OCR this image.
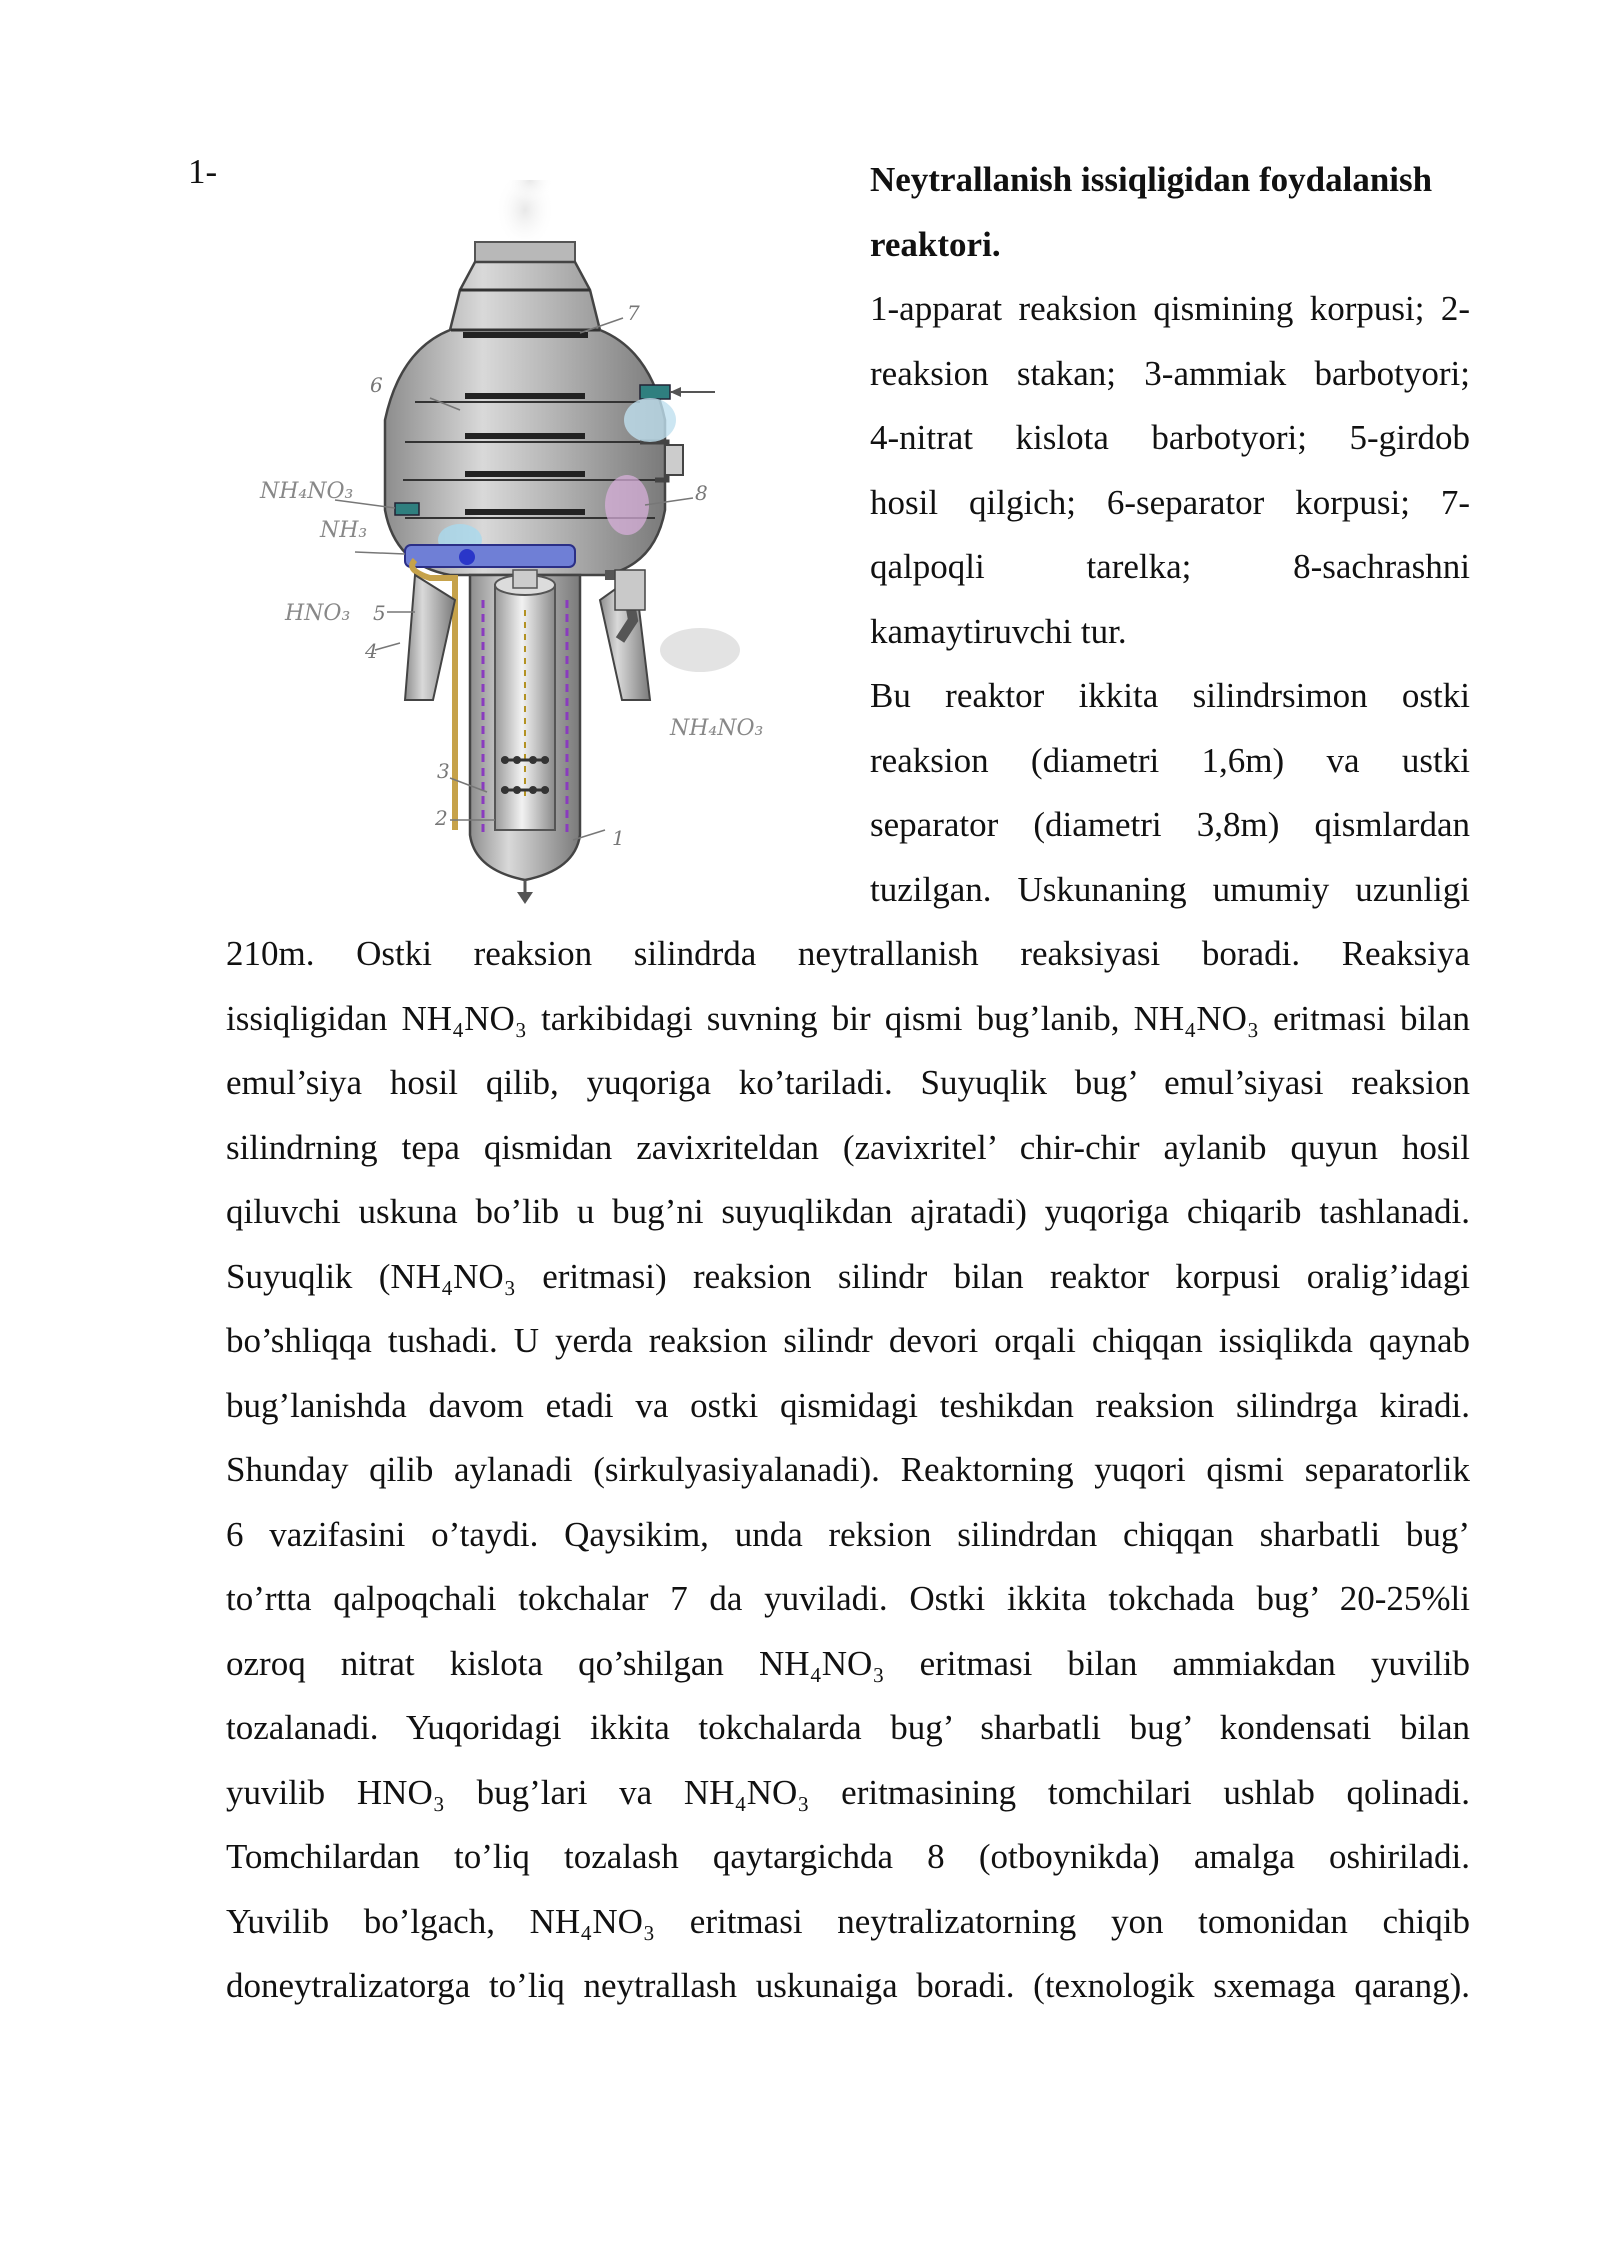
1-
NH₄NO₃
NH₃
HNO₃
NH₄NO₃
1
2
3
4
5
6
7
8
Neytrallanish issiqligidan foydalanish
reaktori.

1-apparat reaksion qismining korpusi; 2-

reaksion stakan; 3-ammiak barbotyori;

4-nitrat kislota barbotyori; 5-girdob

hosil qilgich; 6-separator korpusi; 7-

qalpoqli tarelka; 8-sachrashni

kamaytiruvchi tur.

Bu reaktor ikkita silindrsimon ostki

reaksion (diametri 1,6m) va ustki

separator (diametri 3,8m) qismlardan

tuzilgan. Uskunaning umumiy uzunligi

210m. Ostki reaksion silindrda neytrallanish reaksiyasi boradi. Reaksiya
issiqligidan NH₄NO₃ tarkibidagi suvning bir qismi bug’lanib, NH₄NO₃ eritmasi bilan
emul’siya hosil qilib, yuqoriga ko’tariladi. Suyuqlik bug’ emul’siyasi reaksion
silindrning tepa qismidan zavixriteldan (zavixritel’ chir-chir aylanib quyun hosil
qiluvchi uskuna bo’lib u bug’ni suyuqlikdan ajratadi) yuqoriga chiqarib tashlanadi.
Suyuqlik (NH₄NO₃ eritmasi) reaksion silindr bilan reaktor korpusi oralig’idagi
bo’shliqqa tushadi. U yerda reaksion silindr devori orqali chiqqan issiqlikda qaynab
bug’lanishda davom etadi va ostki qismidagi teshikdan reaksion silindrga kiradi.
Shunday qilib aylanadi (sirkulyasiyalanadi). Reaktorning yuqori qismi separatorlik
6 vazifasini o’taydi. Qaysikim, unda reksion silindrdan chiqqan sharbatli bug’
to’rtta qalpoqchali tokchalar 7 da yuviladi. Ostki ikkita tokchada bug’ 20-25%li
ozroq nitrat kislota qo’shilgan NH₄NO₃ eritmasi bilan ammiakdan yuvilib
tozalanadi. Yuqoridagi ikkita tokchalarda bug’ sharbatli bug’ kondensati bilan
yuvilib HNO₃ bug’lari va NH₄NO₃ eritmasining tomchilari ushlab qolinadi.
Tomchilardan to’liq tozalash qaytargichda 8 (otboynikda) amalga oshiriladi.
Yuvilib bo’lgach, NH₄NO₃ eritmasi neytralizatorning yon tomonidan chiqib
doneytralizatorga to’liq neytrallash uskunaiga boradi. (texnologik sxemaga qarang).
